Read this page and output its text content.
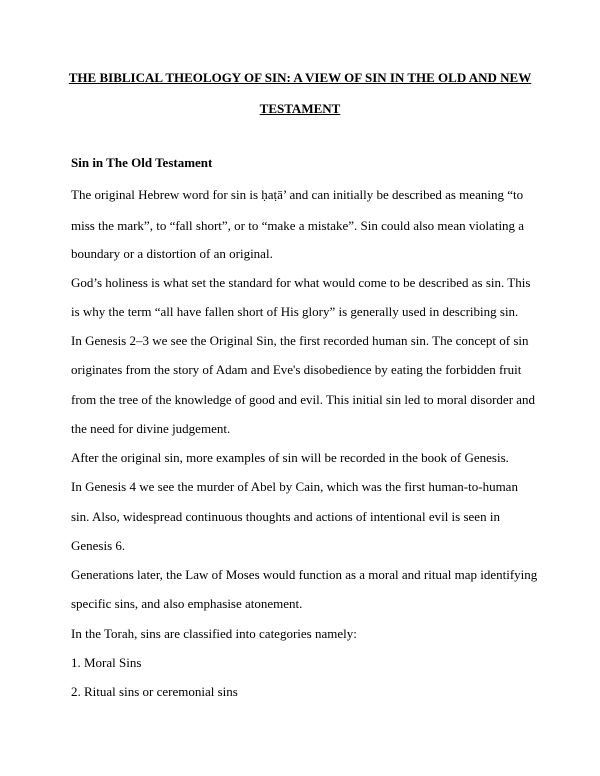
THE BIBLICAL THEOLOGY OF SIN: A VIEW OF SIN IN THE OLD AND NEW

TESTAMENT

Sin in The Old Testament

The original Hebrew word for sin is ḥaṭā’ and can initially be described as meaning “to

miss the mark”, to “fall short”, or to “make a mistake”. Sin could also mean violating a

boundary or a distortion of an original.

God’s holiness is what set the standard for what would come to be described as sin. This

is why the term “all have fallen short of His glory” is generally used in describing sin.

In Genesis 2–3 we see the Original Sin, the first recorded human sin. The concept of sin

originates from the story of Adam and Eve's disobedience by eating the forbidden fruit

from the tree of the knowledge of good and evil. This initial sin led to moral disorder and

the need for divine judgement.

After the original sin, more examples of sin will be recorded in the book of Genesis.

In Genesis 4 we see the murder of Abel by Cain, which was the first human-to-human

sin. Also, widespread continuous thoughts and actions of intentional evil is seen in

Genesis 6.

Generations later, the Law of Moses would function as a moral and ritual map identifying

specific sins, and also emphasise atonement.

In the Torah, sins are classified into categories namely:

1. Moral Sins

2. Ritual sins or ceremonial sins
